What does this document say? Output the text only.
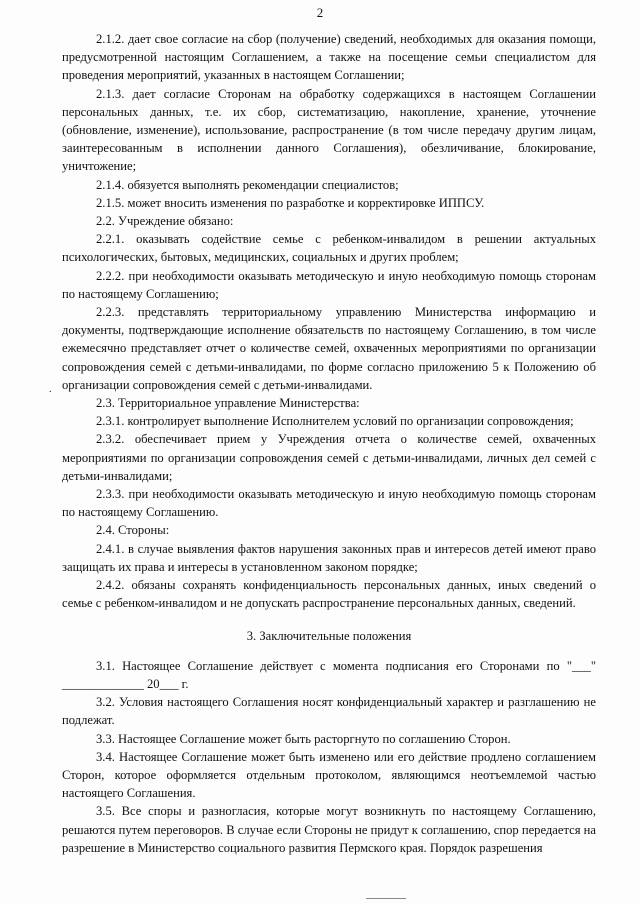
2
.

2.1.2. дает свое согласие на сбор (получение) сведений, необходимых для оказания помощи, предусмотренной настоящим Соглашением, а также на посещение семьи специалистом для проведения мероприятий, указанных в настоящем Соглашении;

2.1.3. дает согласие Сторонам на обработку содержащихся в настоящем Соглашении персональных данных, т.е. их сбор, систематизацию, накопление, хранение, уточнение (обновление, изменение), использование, распространение (в том числе передачу другим лицам, заинтересованным в исполнении данного Соглашения), обезличивание, блокирование, уничтожение;

2.1.4. обязуется выполнять рекомендации специалистов;

2.1.5. может вносить изменения по разработке и корректировке ИППСУ.

2.2. Учреждение обязано:

2.2.1. оказывать содействие семье с ребенком-инвалидом в решении актуальных психологических, бытовых, медицинских, социальных и других проблем;

2.2.2. при необходимости оказывать методическую и иную необходимую помощь сторонам по настоящему Соглашению;

2.2.3. представлять территориальному управлению Министерства информацию и документы, подтверждающие исполнение обязательств по настоящему Соглашению, в том числе ежемесячно представляет отчет о количестве семей, охваченных мероприятиями по организации сопровождения семей с детьми-инвалидами, по форме согласно приложению 5 к Положению об организации сопровождения семей с детьми-инвалидами.

2.3. Территориальное управление Министерства:

2.3.1. контролирует выполнение Исполнителем условий по организации сопровождения;

2.3.2. обеспечивает прием у Учреждения отчета о количестве семей, охваченных мероприятиями по организации сопровождения семей с детьми-инвалидами, личных дел семей с детьми-инвалидами;

2.3.3. при необходимости оказывать методическую и иную необходимую помощь сторонам по настоящему Соглашению.

2.4. Стороны:

2.4.1. в случае выявления фактов нарушения законных прав и интересов детей имеют право защищать их права и интересы в установленном законом порядке;

2.4.2. обязаны сохранять конфиденциальность персональных данных, иных сведений о семье с ребенком-инвалидом и не допускать распространение персональных данных, сведений.

3. Заключительные положения

3.1. Настоящее Соглашение действует с момента подписания его Сторонами по "___" _____________ 20___ г.

3.2. Условия настоящего Соглашения носят конфиденциальный характер и разглашению не подлежат.

3.3. Настоящее Соглашение может быть расторгнуто по соглашению Сторон.

3.4. Настоящее Соглашение может быть изменено или его действие продлено соглашением Сторон, которое оформляется отдельным протоколом, являющимся неотъемлемой частью настоящего Соглашения.

3.5. Все споры и разногласия, которые могут возникнуть по настоящему Соглашению, решаются путем переговоров. В случае если Стороны не придут к соглашению, спор передается на разрешение в Министерство социального развития Пермского края. Порядок разрешения
